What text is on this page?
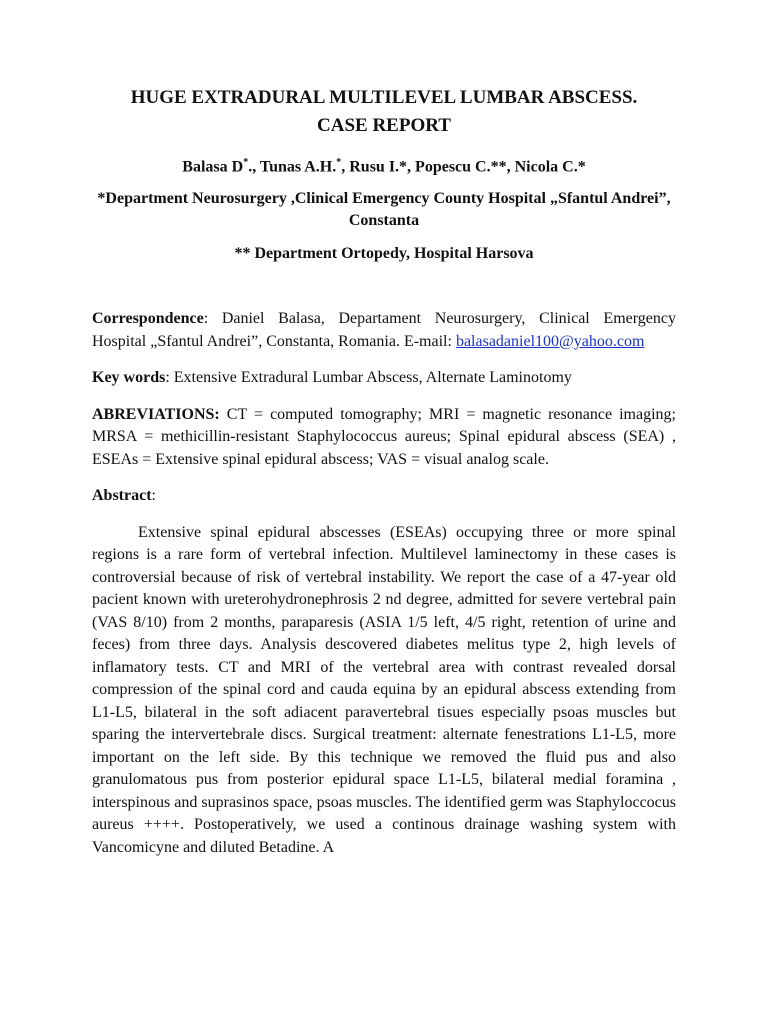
HUGE EXTRADURAL MULTILEVEL LUMBAR ABSCESS.
CASE REPORT
Balasa D*., Tunas A.H.*, Rusu I.*, Popescu C.**, Nicola C.*
*Department Neurosurgery ,Clinical Emergency County Hospital „Sfantul Andrei”, Constanta
** Department Ortopedy, Hospital Harsova

Correspondence: Daniel Balasa, Departament Neurosurgery, Clinical Emergency Hospital „Sfantul Andrei”, Constanta, Romania. E-mail: balasadaniel100@yahoo.com

Key words: Extensive Extradural Lumbar Abscess, Alternate Laminotomy

ABREVIATIONS: CT = computed tomography; MRI = magnetic resonance imaging; MRSA = methicillin-resistant Staphylococcus aureus; Spinal epidural abscess (SEA) , ESEAs = Extensive spinal epidural abscess; VAS = visual analog scale.

Abstract:

Extensive spinal epidural abscesses (ESEAs) occupying three or more spinal regions is a rare form of vertebral infection. Multilevel laminectomy in these cases is controversial because of risk of vertebral instability. We report the case of a 47-year old pacient known with ureterohydronephrosis 2 nd degree, admitted for severe vertebral pain (VAS 8/10) from 2 months, paraparesis (ASIA 1/5 left, 4/5 right, retention of urine and feces) from three days. Analysis descovered diabetes melitus type 2, high levels of inflamatory tests. CT and MRI of the vertebral area with contrast revealed dorsal compression of the spinal cord and cauda equina by an epidural abscess extending from L1-L5, bilateral in the soft adiacent paravertebral tisues especially psoas muscles but sparing the intervertebrale discs. Surgical treatment: alternate fenestrations L1-L5, more important on the left side. By this technique we removed the fluid pus and also granulomatous pus from posterior epidural space L1-L5, bilateral medial foramina , interspinous and suprasinos space, psoas muscles. The identified germ was Staphyloccocus aureus ++++. Postoperatively, we used a continous drainage washing system with Vancomicyne and diluted Betadine. A
